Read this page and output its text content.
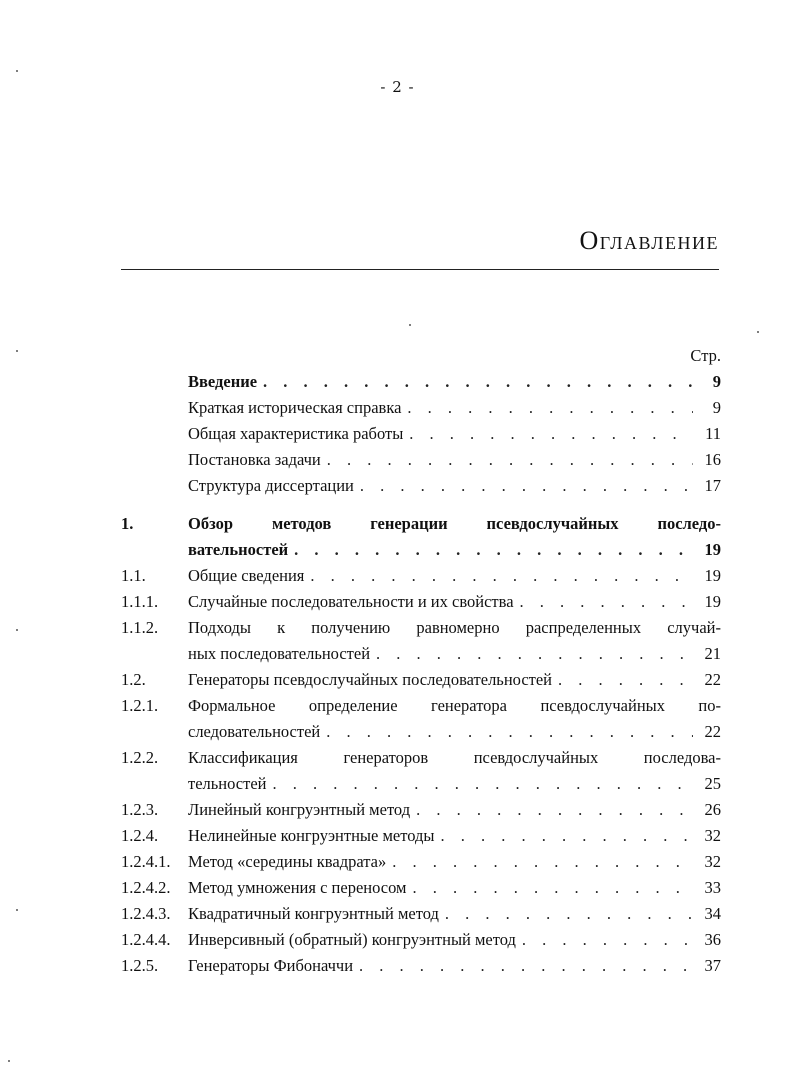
- 2 -
Оглавление
Стр.
Введение . . .	9
Краткая историческая справка . . .	9
Общая характеристика работы . . .	11
Постановка задачи . . .	16
Структура диссертации . . .	17
1.	Обзор методов генерации псевдослучайных последо-
вательностей . . .	19
1.1.	Общие сведения . . .	19
1.1.1.	Случайные последовательности и их свойства . . .	19
1.1.2.	Подходы к получению равномерно распределенных случай-
ных последовательностей . . .	21
1.2.	Генераторы псевдослучайных последовательностей . . .	22
1.2.1.	Формальное определение генератора псевдослучайных по-
следовательностей . . .	22
1.2.2.	Классификация генераторов псевдослучайных последова-
тельностей . . .	25
1.2.3.	Линейный конгруэнтный метод . . .	26
1.2.4.	Нелинейные конгруэнтные методы . . .	32
1.2.4.1.	Метод «середины квадрата» . . .	32
1.2.4.2.	Метод умножения с переносом . . .	33
1.2.4.3.	Квадратичный конгруэнтный метод . . .	34
1.2.4.4.	Инверсивный (обратный) конгруэнтный метод . . .	36
1.2.5.	Генераторы Фибоначчи . . .	37
